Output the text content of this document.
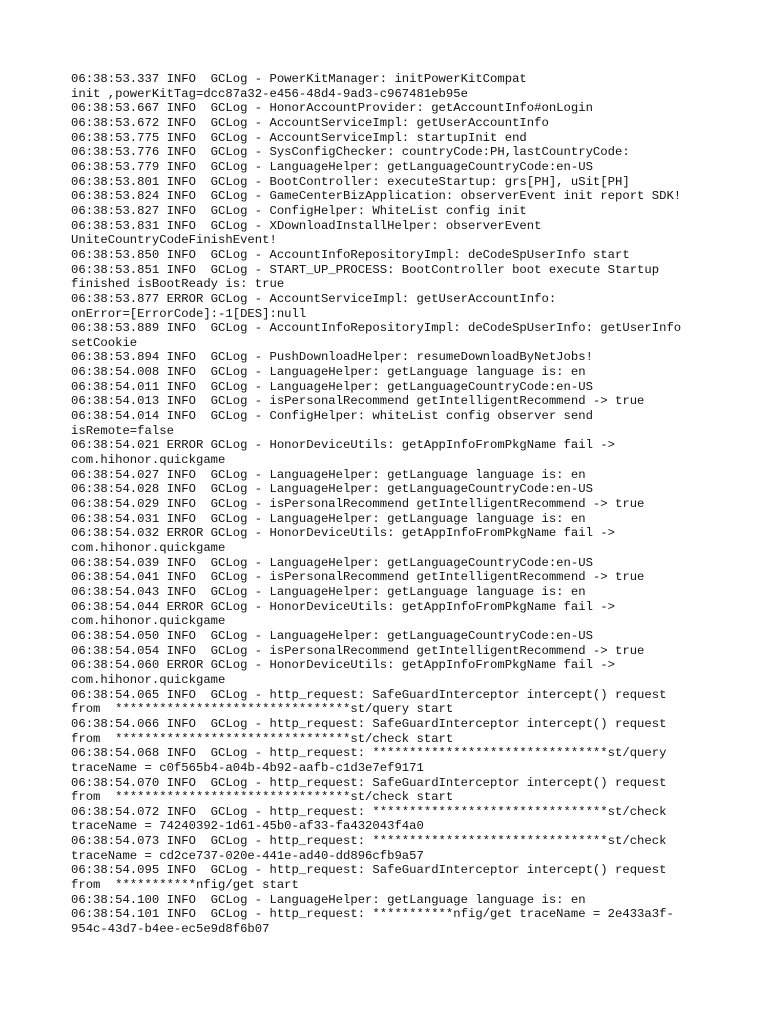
06:38:53.337 INFO  GCLog - PowerKitManager: initPowerKitCompat
init ,powerKitTag=dcc87a32-e456-48d4-9ad3-c967481eb95e
06:38:53.667 INFO  GCLog - HonorAccountProvider: getAccountInfo#onLogin
06:38:53.672 INFO  GCLog - AccountServiceImpl: getUserAccountInfo
06:38:53.775 INFO  GCLog - AccountServiceImpl: startupInit end
06:38:53.776 INFO  GCLog - SysConfigChecker: countryCode:PH,lastCountryCode:
06:38:53.779 INFO  GCLog - LanguageHelper: getLanguageCountryCode:en-US
06:38:53.801 INFO  GCLog - BootController: executeStartup: grs[PH], uSit[PH]
06:38:53.824 INFO  GCLog - GameCenterBizApplication: observerEvent init report SDK!
06:38:53.827 INFO  GCLog - ConfigHelper: WhiteList config init
06:38:53.831 INFO  GCLog - XDownloadInstallHelper: observerEvent
UniteCountryCodeFinishEvent!
06:38:53.850 INFO  GCLog - AccountInfoRepositoryImpl: deCodeSpUserInfo start
06:38:53.851 INFO  GCLog - START_UP_PROCESS: BootController boot execute Startup
finished isBootReady is: true
06:38:53.877 ERROR GCLog - AccountServiceImpl: getUserAccountInfo:
onError=[ErrorCode]:-1[DES]:null
06:38:53.889 INFO  GCLog - AccountInfoRepositoryImpl: deCodeSpUserInfo: getUserInfo
setCookie
06:38:53.894 INFO  GCLog - PushDownloadHelper: resumeDownloadByNetJobs!
06:38:54.008 INFO  GCLog - LanguageHelper: getLanguage language is: en
06:38:54.011 INFO  GCLog - LanguageHelper: getLanguageCountryCode:en-US
06:38:54.013 INFO  GCLog - isPersonalRecommend getIntelligentRecommend -> true
06:38:54.014 INFO  GCLog - ConfigHelper: whiteList config observer send
isRemote=false
06:38:54.021 ERROR GCLog - HonorDeviceUtils: getAppInfoFromPkgName fail ->
com.hihonor.quickgame
06:38:54.027 INFO  GCLog - LanguageHelper: getLanguage language is: en
06:38:54.028 INFO  GCLog - LanguageHelper: getLanguageCountryCode:en-US
06:38:54.029 INFO  GCLog - isPersonalRecommend getIntelligentRecommend -> true
06:38:54.031 INFO  GCLog - LanguageHelper: getLanguage language is: en
06:38:54.032 ERROR GCLog - HonorDeviceUtils: getAppInfoFromPkgName fail ->
com.hihonor.quickgame
06:38:54.039 INFO  GCLog - LanguageHelper: getLanguageCountryCode:en-US
06:38:54.041 INFO  GCLog - isPersonalRecommend getIntelligentRecommend -> true
06:38:54.043 INFO  GCLog - LanguageHelper: getLanguage language is: en
06:38:54.044 ERROR GCLog - HonorDeviceUtils: getAppInfoFromPkgName fail ->
com.hihonor.quickgame
06:38:54.050 INFO  GCLog - LanguageHelper: getLanguageCountryCode:en-US
06:38:54.054 INFO  GCLog - isPersonalRecommend getIntelligentRecommend -> true
06:38:54.060 ERROR GCLog - HonorDeviceUtils: getAppInfoFromPkgName fail ->
com.hihonor.quickgame
06:38:54.065 INFO  GCLog - http_request: SafeGuardInterceptor intercept() request
from  ********************************st/query start
06:38:54.066 INFO  GCLog - http_request: SafeGuardInterceptor intercept() request
from  ********************************st/check start
06:38:54.068 INFO  GCLog - http_request: ********************************st/query
traceName = c0f565b4-a04b-4b92-aafb-c1d3e7ef9171
06:38:54.070 INFO  GCLog - http_request: SafeGuardInterceptor intercept() request
from  ********************************st/check start
06:38:54.072 INFO  GCLog - http_request: ********************************st/check
traceName = 74240392-1d61-45b0-af33-fa432043f4a0
06:38:54.073 INFO  GCLog - http_request: ********************************st/check
traceName = cd2ce737-020e-441e-ad40-dd896cfb9a57
06:38:54.095 INFO  GCLog - http_request: SafeGuardInterceptor intercept() request
from  ***********nfig/get start
06:38:54.100 INFO  GCLog - LanguageHelper: getLanguage language is: en
06:38:54.101 INFO  GCLog - http_request: ***********nfig/get traceName = 2e433a3f-
954c-43d7-b4ee-ec5e9d8f6b07
